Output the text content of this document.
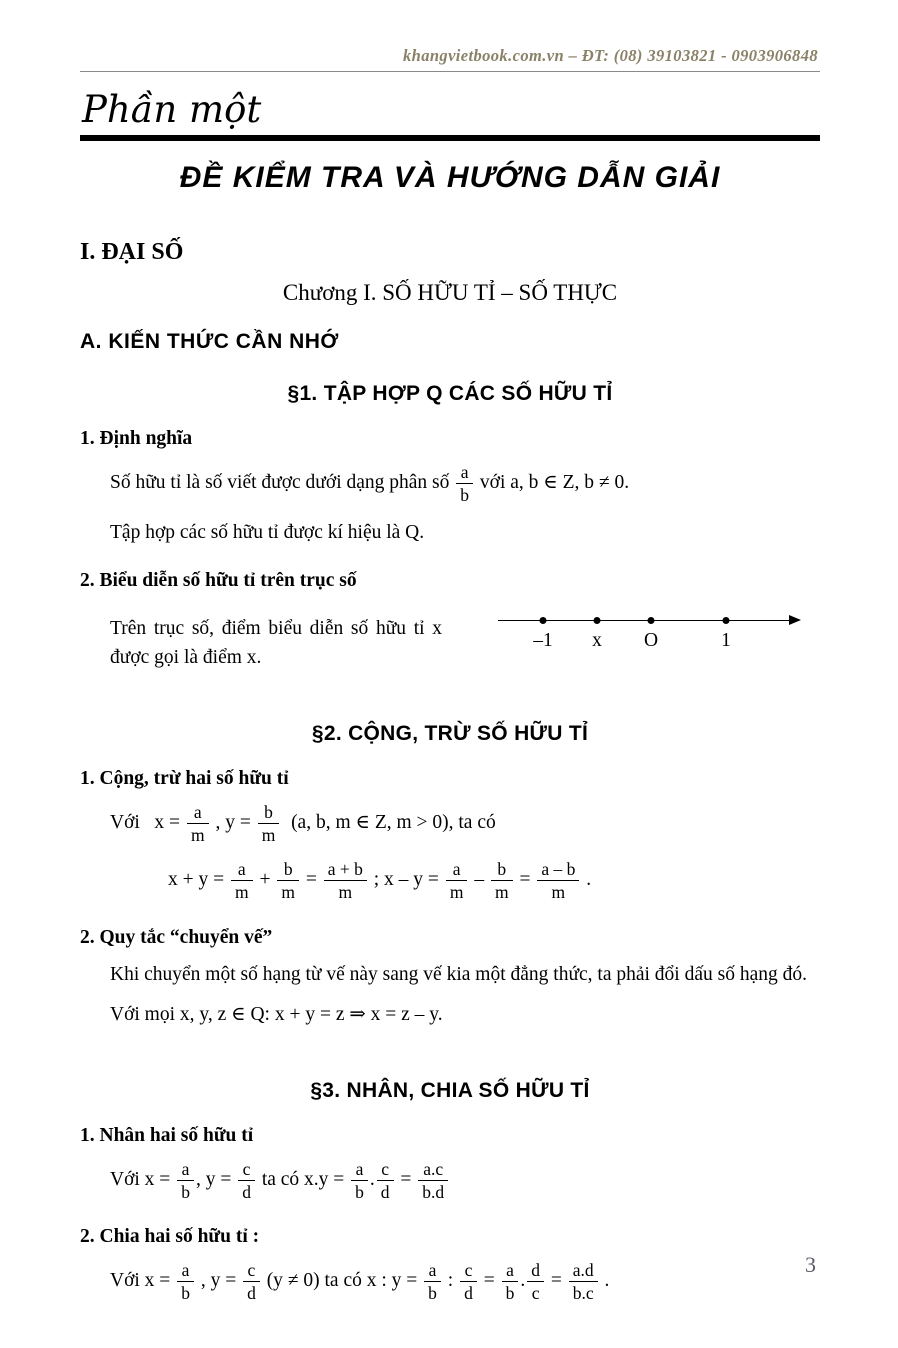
khangvietbook.com.vn – ĐT: (08) 39103821 - 0903906848
Phần một
ĐỀ KIỂM TRA VÀ HƯỚNG DẪN GIẢI
I. ĐẠI SỐ
Chương I. SỐ HỮU TỈ – SỐ THỰC
A. KIẾN THỨC CẦN NHỚ
§1. TẬP HỢP Q CÁC SỐ HỮU TỈ
1. Định nghĩa
Số hữu tỉ là số viết được dưới dạng phân số $\frac{a}{b}$ với a, b ∈ Z, b ≠ 0.
Tập hợp các số hữu tỉ được kí hiệu là Q.
2. Biểu diễn số hữu tỉ trên trục số
Trên trục số, điểm biểu diễn số hữu tỉ x được gọi là điểm x.
–1 x O	1
§2. CỘNG, TRỪ SỐ HỮU TỈ
1. Cộng, trừ hai số hữu tỉ
Với   $x = \frac{a}{m}$ , $y = \frac{b}{m} (a$, b, m ∈ Z, m > 0), ta có
$x + y = \frac{a}{m} + \frac{b}{m} = \frac{a + b}{m}$ ; $x - y = \frac{a}{m} - \frac{b}{m} = \frac{a - b}{m}$ .
2. Quy tắc “chuyển vế”
Khi chuyển một số hạng từ vế này sang vế kia một đẳng thức, ta phải đổi dấu số hạng đó.
Với mọi x, y, z ∈ Q: x + y = z ⇒ x = z – y.
§3. NHÂN, CHIA SỐ HỮU TỈ
1. Nhân hai số hữu tỉ
Với $x = \frac{a}{b}$ , $y = \frac{c}{d}$ ta có $x.y = \frac{a}{b}$ . $\frac{c}{d} = \frac{a.c}{b.d}$
2. Chia hai số hữu tỉ :
Với $x = \frac{a}{b}$ , $y = \frac{c}{d} (y \ne 0)$ ta có x : $y = \frac{a}{b}$ : $\frac{c}{d} = \frac{a}{b}$ . $\frac{d}{c} = \frac{a.d}{b.c}$ .
3
